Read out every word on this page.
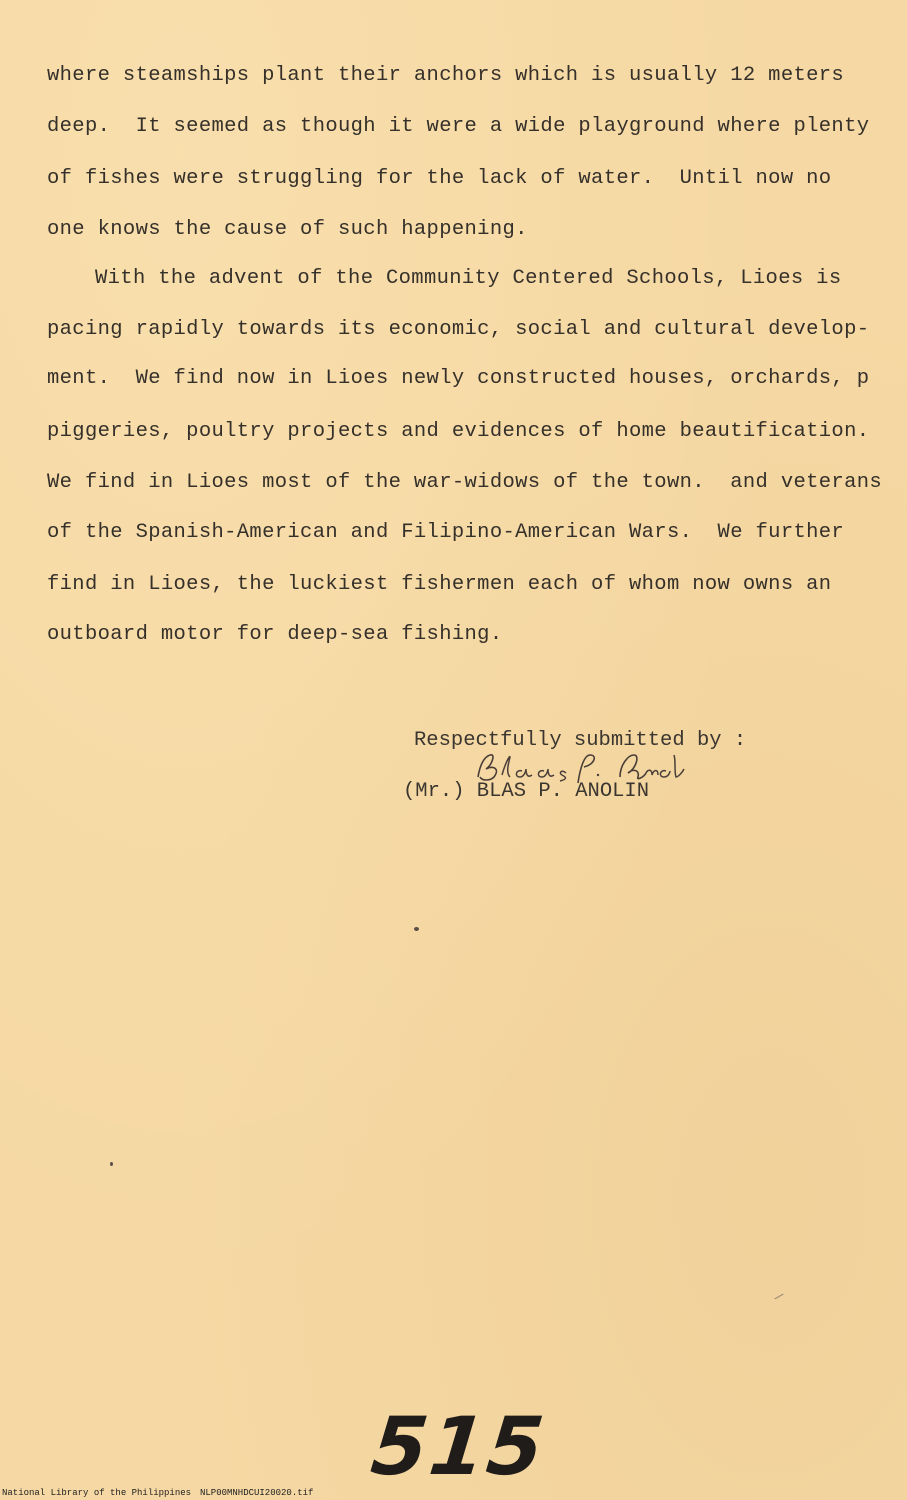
where steamships plant their anchors which is usually 12 meters
deep.  It seemed as though it were a wide playground where plenty
of fishes were struggling for the lack of water.  Until now no
one knows the cause of such happening.
With the advent of the Community Centered Schools, Lioes is
pacing rapidly towards its economic, social and cultural develop-
ment.  We find now in Lioes newly constructed houses, orchards, p
piggeries, poultry projects and evidences of home beautification.
We find in Lioes most of the war-widows of the town.  and veterans
of the Spanish-American and Filipino-American Wars.  We further
find in Lioes, the luckiest fishermen each of whom now owns an
outboard motor for deep-sea fishing.
Respectfully submitted by :
(Mr.) BLAS P. ANOLIN
515
National Library of the Philippines NLP00MNHDCUI20020.tif
